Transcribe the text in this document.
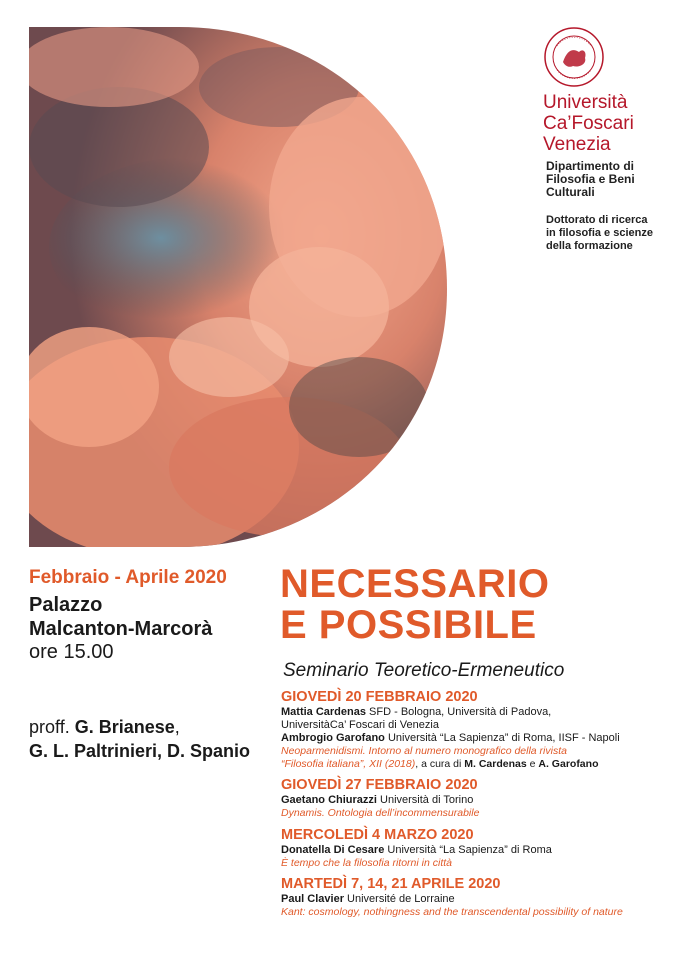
Università
Ca’Foscari
Venezia
Dipartimento di
Filosofia e Beni
Culturali
Dottorato di ricerca
in filosofia e scienze
della formazione
Febbraio - Aprile 2020
Palazzo
Malcanton-Marcorà
ore 15.00
proff. G. Brianese,
G. L. Paltrinieri, D. Spanio
NECESSARIO
E POSSIBILE
Seminario Teoretico-Ermeneutico
GIOVEDÌ 20 FEBBRAIO 2020
Mattia Cardenas SFD - Bologna, Università di Padova,
UniversitàCa’ Foscari di Venezia
Ambrogio Garofano Università “La Sapienza” di Roma, IISF - Napoli
Neoparmenidismi. Intorno al numero monografico della rivista
“Filosofia italiana”, XII (2018), a cura di M. Cardenas e A. Garofano
GIOVEDÌ 27 FEBBRAIO 2020
Gaetano Chiurazzi Università di Torino
Dynamis. Ontologia dell’incommensurabile
MERCOLEDÌ 4 MARZO 2020
Donatella Di Cesare Università “La Sapienza” di Roma
È tempo che la filosofia ritorni in città
MARTEDÌ 7, 14, 21 APRILE 2020
Paul Clavier Université de Lorraine
Kant: cosmology, nothingness and the transcendental possibility of nature
